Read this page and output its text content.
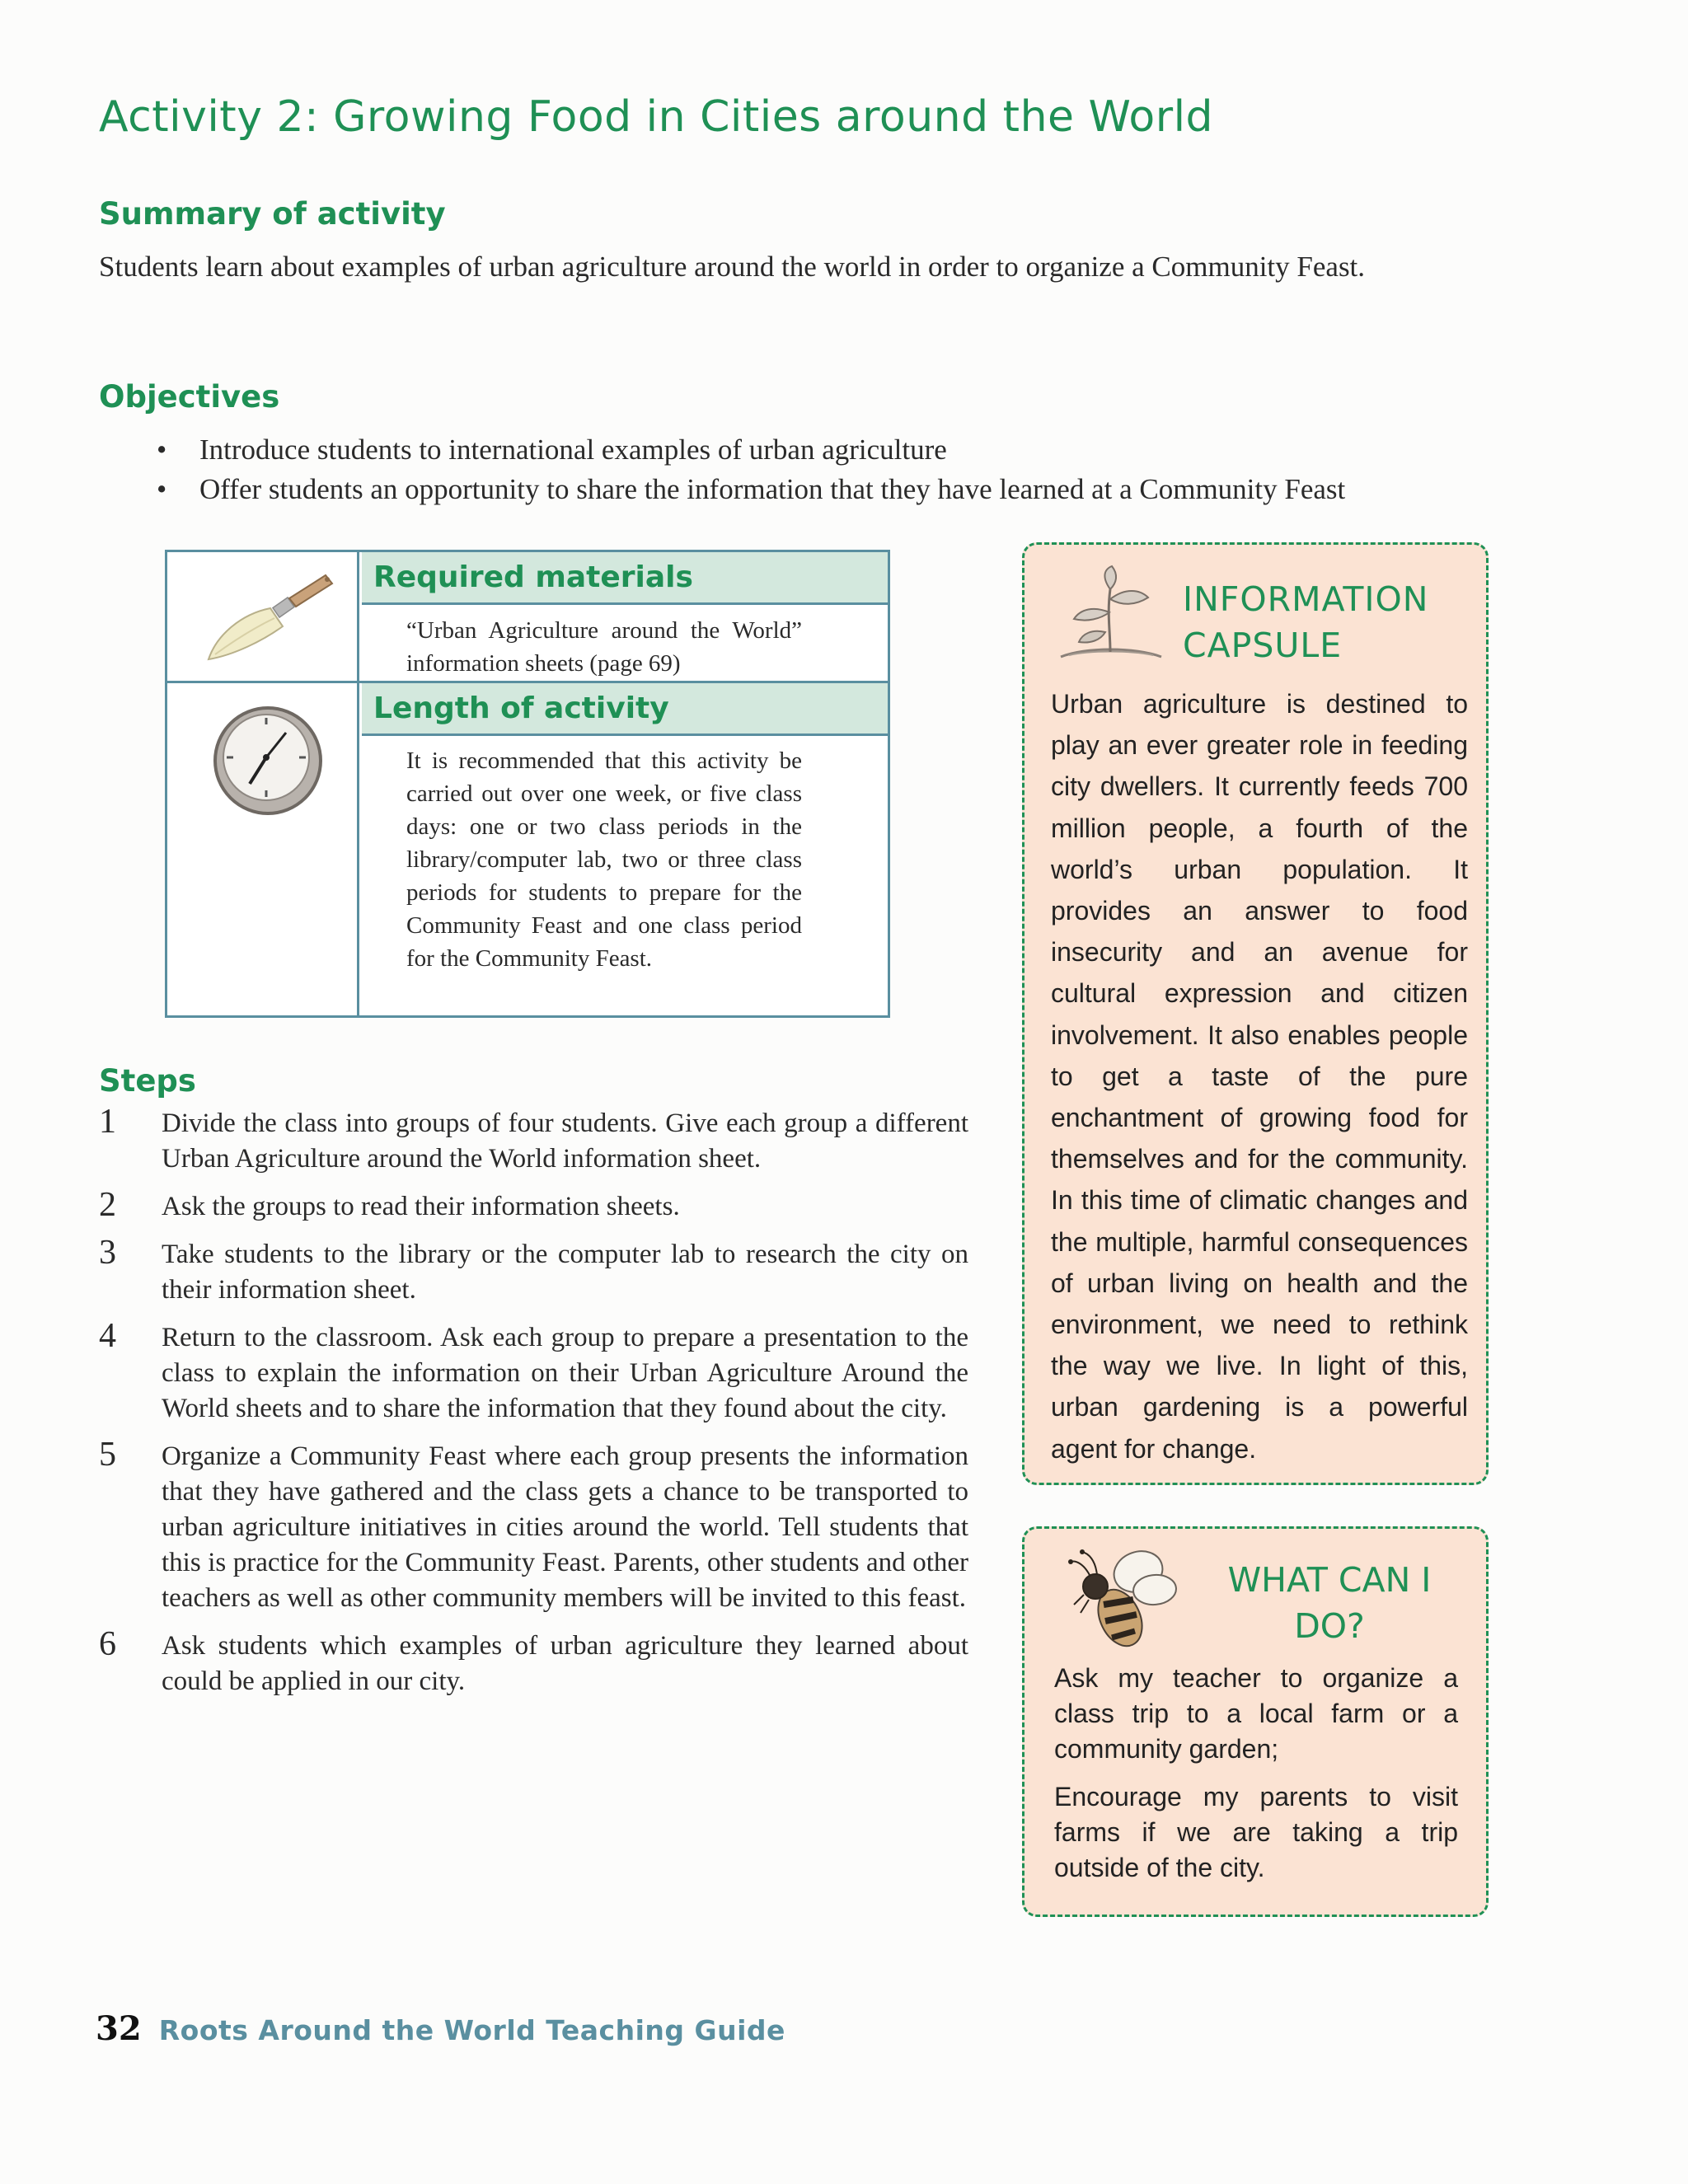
Activity 2: Growing Food in Cities around the World
Summary of activity

Students learn about examples of urban agriculture around the world in order to organize a Community Feast.

Objectives
• Introduce students to international examples of urban agriculture
• Offer students an opportunity to share the information that they have learned at a Community Feast
Required materials

“Urban Agriculture around the World” information sheets (page 69)

Length of activity

It is recommended that this activity be carried out over one week, or five class days: one or two class periods in the library/computer lab, two or three class periods for students to prepare for the Community Feast and one class period for the Community Feast.

Steps
1 Divide the class into groups of four students. Give each group a different Urban Agriculture around the World information sheet.
2 Ask the groups to read their information sheets.
3 Take students to the library or the computer lab to research the city on their information sheet.
4 Return to the classroom. Ask each group to prepare a presentation to the class to explain the information on their Urban Agriculture Around the World sheets and to share the information that they found about the city.
5 Organize a Community Feast where each group presents the information that they have gathered and the class gets a chance to be transported to urban agriculture initiatives in cities around the world. Tell students that this is practice for the Community Feast. Parents, other students and other teachers as well as other community members will be invited to this feast.
6 Ask students which examples of urban agriculture they learned about could be applied in our city.
INFORMATION CAPSULE

Urban agriculture is destined to play an ever greater role in feeding city dwellers. It currently feeds 700 million people, a fourth of the world’s urban population. It provides an answer to food insecurity and an avenue for cultural expression and citizen involvement. It also enables people to get a taste of the pure enchantment of growing food for themselves and for the community. In this time of climatic changes and the multiple, harmful consequences of urban living on health and the environment, we need to rethink the way we live. In light of this, urban gardening is a powerful agent for change.

WHAT CAN I DO?

Ask my teacher to organize a class trip to a local farm or a community garden;

Encourage my parents to visit farms if we are taking a trip outside of the city.

32 Roots Around the World Teaching Guide
